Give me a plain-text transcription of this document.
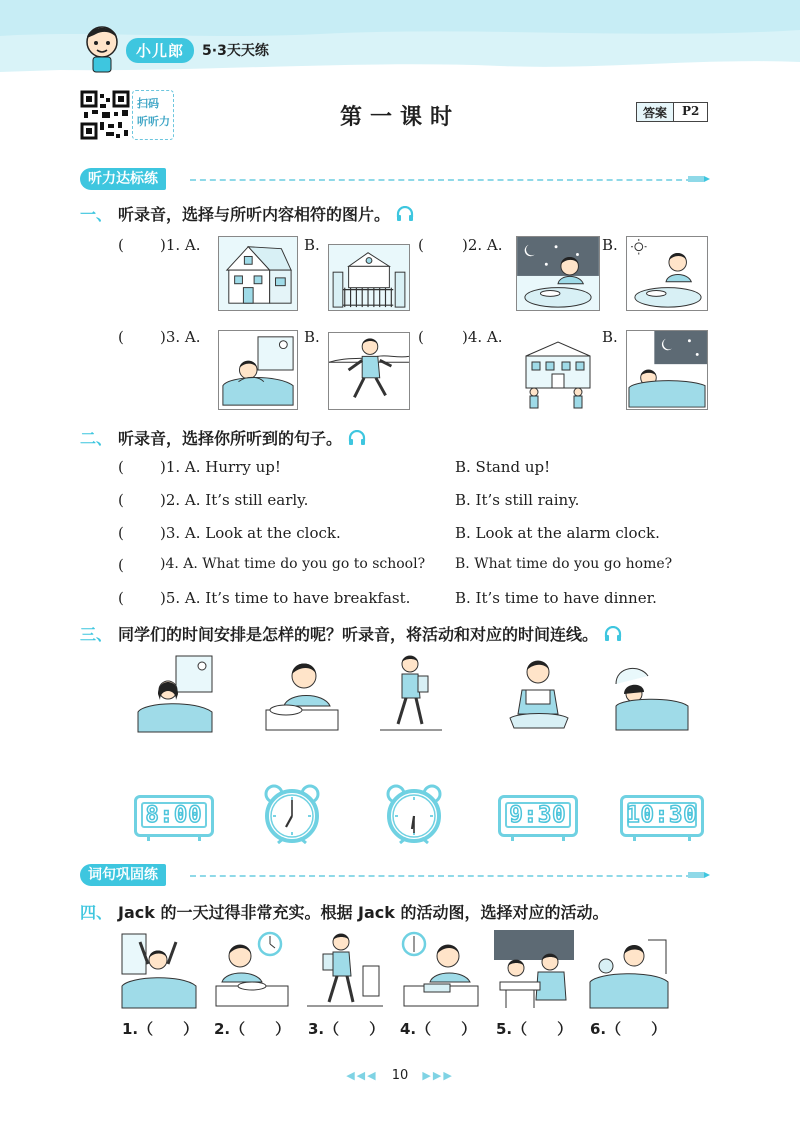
小儿郎	5·3天天练
扫码
听听力	第一课时	答案	P2
听力达标练
一、 听录音，选择与所听内容相符的图片。
( )1. A.	B.	(	)2. A.	B.
( )3. A.	B.	(	)4. A.	B.
二、 听录音，选择你所听到的句子。
( )1. A. Hurry up!	B. Stand up!
( )2. A. It’s still early.	B. It’s still rainy.
( )3. A. Look at the clock.	B. Look at the alarm clock.
(	)4. A. What time do you go to school? B. What time do you go home?
( )5. A. It’s time to have breakfast.	B. It’s time to have dinner.
三、 同学们的时间安排是怎样的呢？听录音，将活动和对应的时间连线。
8:00	9:30	10:30
词句巩固练
四、 Jack 的一天过得非常充实。根据 Jack 的活动图，选择对应的活动。
1.（　　） 2.（　　） 3.（　　） 4.（　　） 5.（　　） 6.（　　）
◀◀◀ 10 ▶▶▶
